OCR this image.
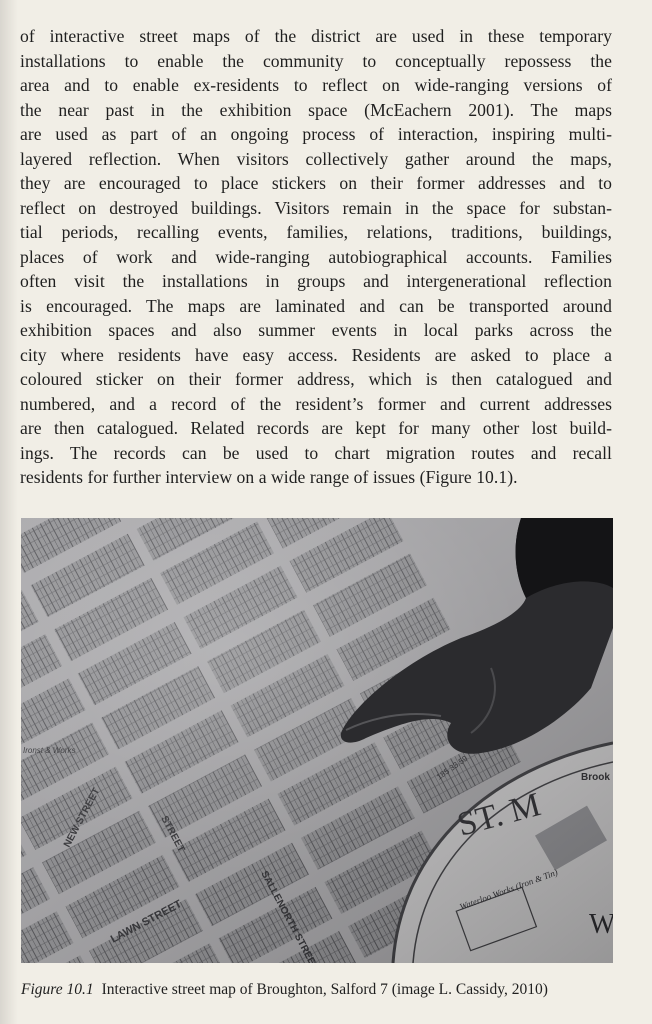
of interactive street maps of the district are used in these temporary
installations to enable the community to conceptually repossess the
area and to enable ex-residents to reflect on wide-ranging versions of
the near past in the exhibition space (McEachern 2001). The maps
are used as part of an ongoing process of interaction, inspiring multi-
layered reflection. When visitors collectively gather around the maps,
they are encouraged to place stickers on their former addresses and to
reflect on destroyed buildings. Visitors remain in the space for substan-
tial periods, recalling events, families, relations, traditions, buildings,
places of work and wide-ranging autobiographical accounts. Families
often visit the installations in groups and intergenerational reflection
is encouraged. The maps are laminated and can be transported around
exhibition spaces and also summer events in local parks across the
city where residents have easy access. Residents are asked to place a
coloured sticker on their former address, which is then catalogued and
numbered, and a record of the resident’s former and current addresses
are then catalogued. Related records are kept for many other lost build-
ings. The records can be used to chart migration routes and recall
residents for further interview on a wide range of issues (Figure 10.1).
Figure 10.1 Interactive street map of Broughton, Salford 7 (image L. Cassidy, 2010)
